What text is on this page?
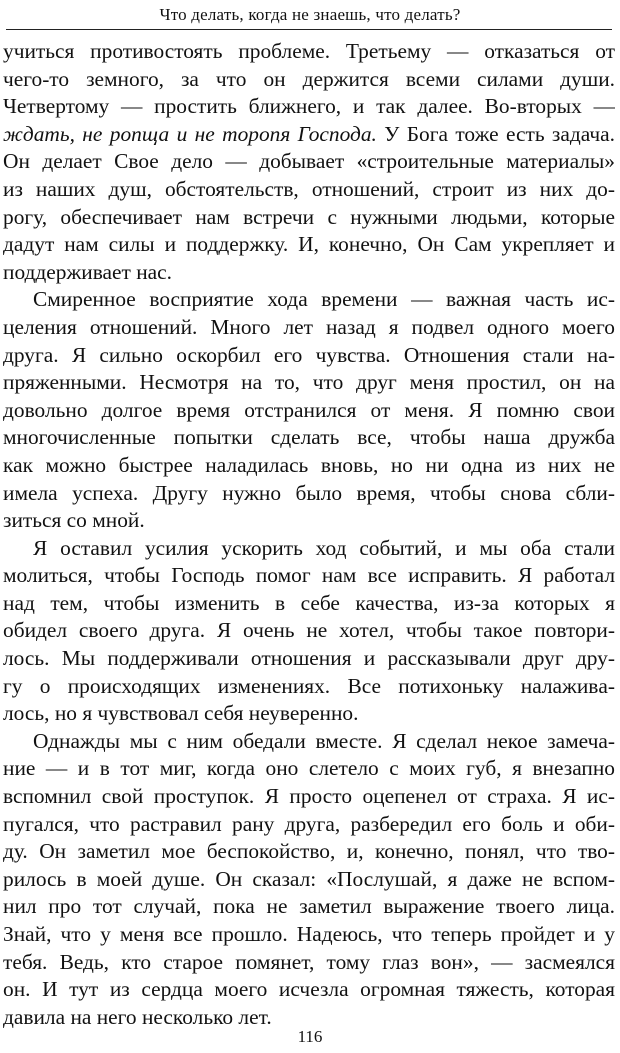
Что делать, когда не знаешь, что делать?
учиться противостоять проблеме. Третьему — отказаться от
чего-то земного, за что он держится всеми силами души.
Четвертому — простить ближнего, и так далее. Во-вторых —
ждать, не ропща и не торопя Господа. У Бога тоже есть задача.
Он делает Свое дело — добывает «строительные материалы»
из наших душ, обстоятельств, отношений, строит из них до-
рогу, обеспечивает нам встречи с нужными людьми, которые
дадут нам силы и поддержку. И, конечно, Он Сам укрепляет и
поддерживает нас.
Смиренное восприятие хода времени — важная часть ис-
целения отношений. Много лет назад я подвел одного моего
друга. Я сильно оскорбил его чувства. Отношения стали на-
пряженными. Несмотря на то, что друг меня простил, он на
довольно долгое время отстранился от меня. Я помню свои
многочисленные попытки сделать все, чтобы наша дружба
как можно быстрее наладилась вновь, но ни одна из них не
имела успеха. Другу нужно было время, чтобы снова сбли-
зиться со мной.
Я оставил усилия ускорить ход событий, и мы оба стали
молиться, чтобы Господь помог нам все исправить. Я работал
над тем, чтобы изменить в себе качества, из-за которых я
обидел своего друга. Я очень не хотел, чтобы такое повтори-
лось. Мы поддерживали отношения и рассказывали друг дру-
гу о происходящих изменениях. Все потихоньку налаживa-
лось, но я чувствовал себя неуверенно.
Однажды мы с ним обедали вместе. Я сделал некое замеча-
ние — и в тот миг, когда оно слетело с моих губ, я внезапно
вспомнил свой проступок. Я просто оцепенел от страха. Я ис-
пугался, что растравил рану друга, разбередил его боль и оби-
ду. Он заметил мое беспокойство, и, конечно, понял, что тво-
рилось в моей душе. Он сказал: «Послушай, я даже не вспом-
нил про тот случай, пока не заметил выражение твоего лица.
Знай, что у меня все прошло. Надеюсь, что теперь пройдет и у
тебя. Ведь, кто старое помянет, тому глаз вон», — засмеялся
он. И тут из сердца моего исчезла огромная тяжесть, которая
давила на него несколько лет.
116
